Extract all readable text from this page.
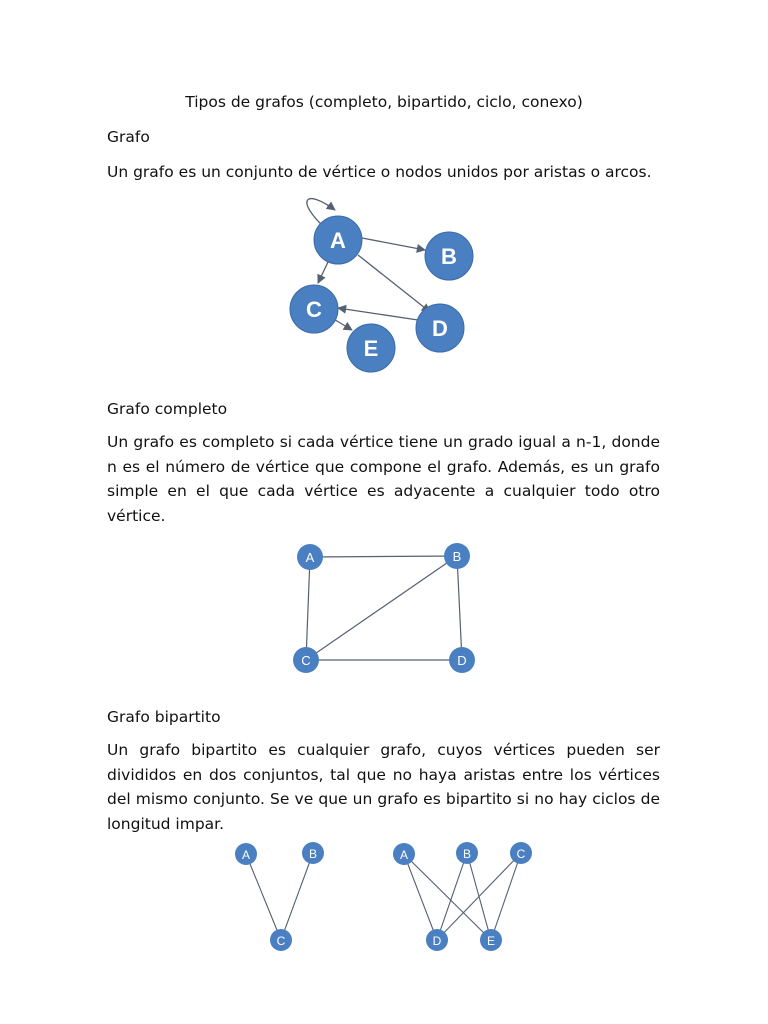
Tipos de grafos (completo, bipartido, ciclo, conexo)
Grafo
Un grafo es un conjunto de vértice o nodos unidos por aristas o arcos.
A
B
C
D
E
Grafo completo
Un grafo es completo si cada vértice tiene un grado igual a n-1, donde
n es el número de vértice que compone el grafo. Además, es un grafo
simple en el que cada vértice es adyacente a cualquier todo otro
vértice.
A	B
C	D
Grafo bipartito
Un grafo bipartito es cualquier grafo, cuyos vértices pueden ser
divididos en dos conjuntos, tal que no haya aristas entre los vértices
del mismo conjunto. Se ve que un grafo es bipartito si no hay ciclos de
longitud impar.
A	B
C
A	B	C
D	E
